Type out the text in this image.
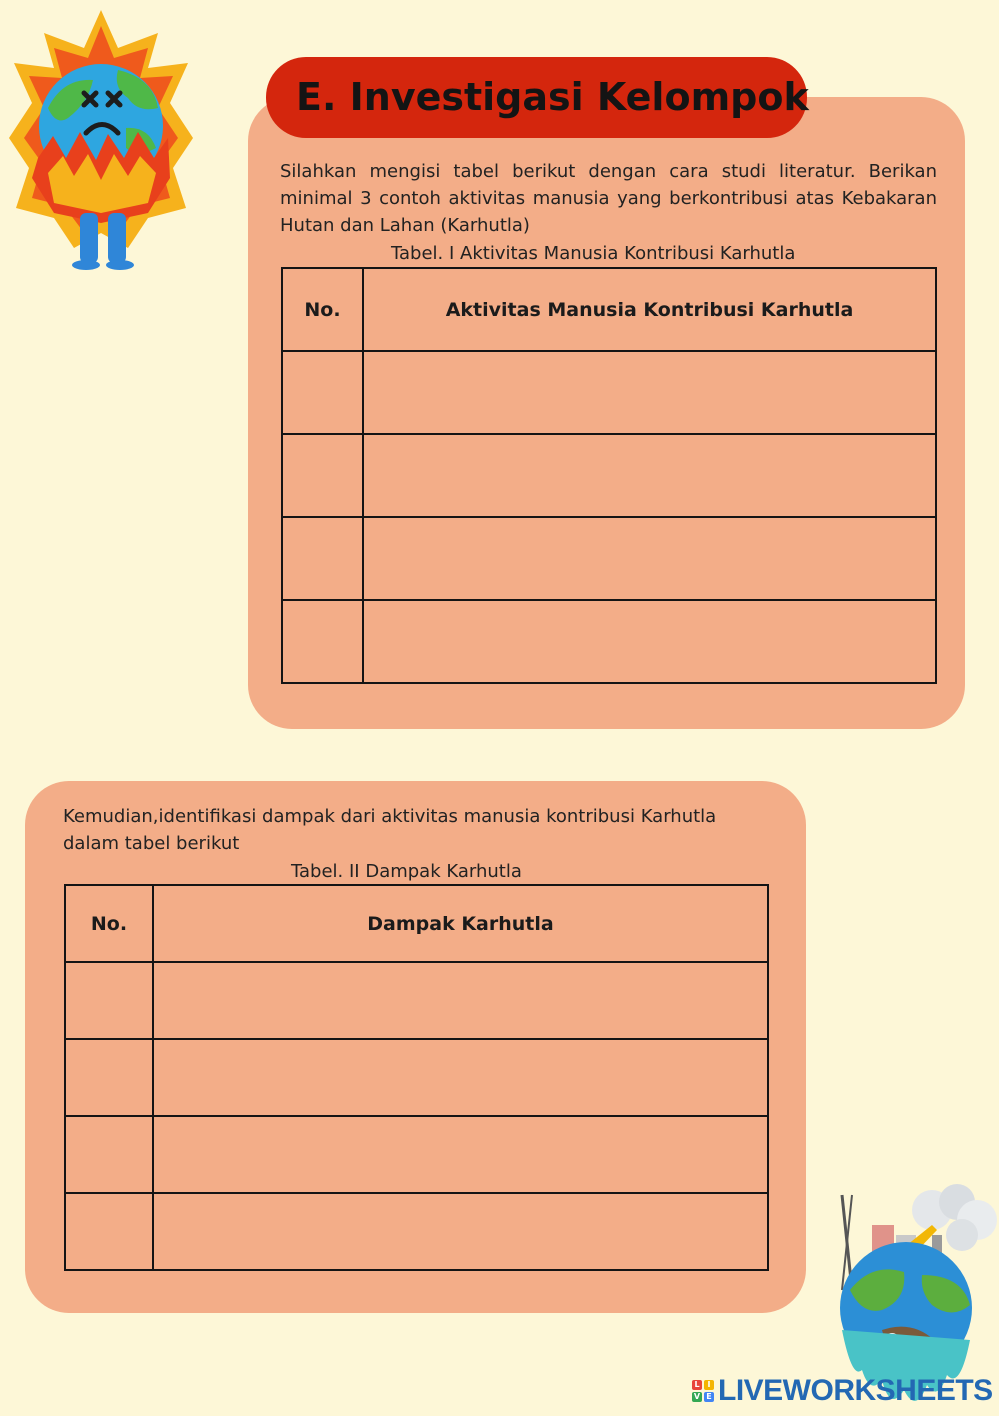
E. Investigasi Kelompok
Silahkan mengisi tabel berikut dengan cara studi literatur. Berikan minimal 3 contoh aktivitas manusia yang berkontribusi atas Kebakaran Hutan dan Lahan (Karhutla)
Tabel. I Aktivitas Manusia Kontribusi Karhutla
No.	Aktivitas Manusia Kontribusi Karhutla

Kemudian,identifikasi dampak dari aktivitas manusia kontribusi Karhutla dalam tabel berikut
Tabel. II Dampak Karhutla
No.	Dampak Karhutla

L I
V E LIVEWORKSHEETS
